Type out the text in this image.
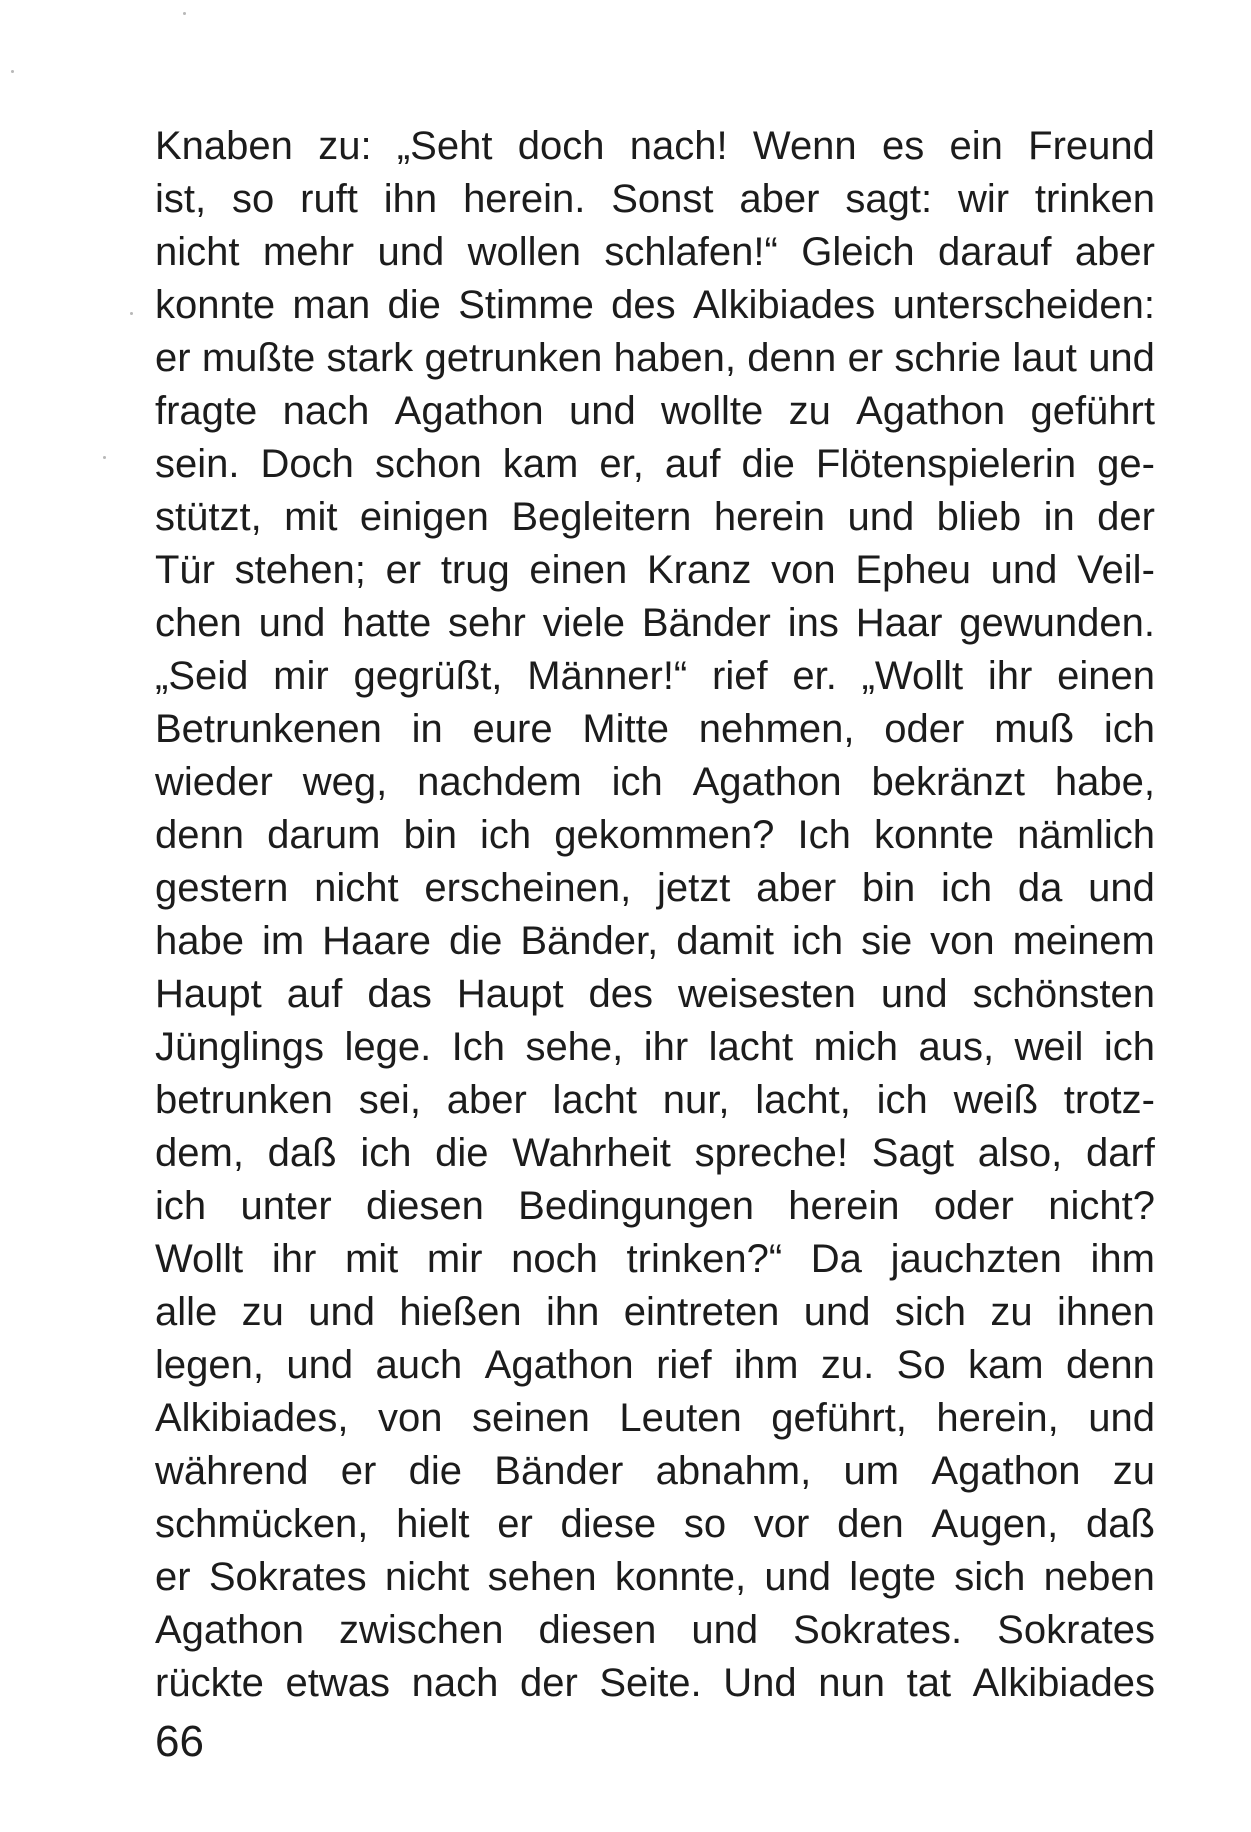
Knaben zu: „Seht doch nach! Wenn es ein Freund
ist, so ruft ihn herein. Sonst aber sagt: wir trinken
nicht mehr und wollen schlafen!“ Gleich darauf aber
konnte man die Stimme des Alkibiades unterscheiden:
er mußte stark getrunken haben, denn er schrie laut und
fragte nach Agathon und wollte zu Agathon geführt
sein. Doch schon kam er, auf die Flötenspielerin ge-
stützt, mit einigen Begleitern herein und blieb in der
Tür stehen; er trug einen Kranz von Epheu und Veil-
chen und hatte sehr viele Bänder ins Haar gewunden.
„Seid mir gegrüßt, Männer!“ rief er. „Wollt ihr einen
Betrunkenen in eure Mitte nehmen, oder muß ich
wieder weg, nachdem ich Agathon bekränzt habe,
denn darum bin ich gekommen? Ich konnte nämlich
gestern nicht erscheinen, jetzt aber bin ich da und
habe im Haare die Bänder, damit ich sie von meinem
Haupt auf das Haupt des weisesten und schönsten
Jünglings lege. Ich sehe, ihr lacht mich aus, weil ich
betrunken sei, aber lacht nur, lacht, ich weiß trotz-
dem, daß ich die Wahrheit spreche! Sagt also, darf
ich unter diesen Bedingungen herein oder nicht?
Wollt ihr mit mir noch trinken?“ Da jauchzten ihm
alle zu und hießen ihn eintreten und sich zu ihnen
legen, und auch Agathon rief ihm zu. So kam denn
Alkibiades, von seinen Leuten geführt, herein, und
während er die Bänder abnahm, um Agathon zu
schmücken, hielt er diese so vor den Augen, daß
er Sokrates nicht sehen konnte, und legte sich neben
Agathon zwischen diesen und Sokrates. Sokrates
rückte etwas nach der Seite. Und nun tat Alkibiades
66
